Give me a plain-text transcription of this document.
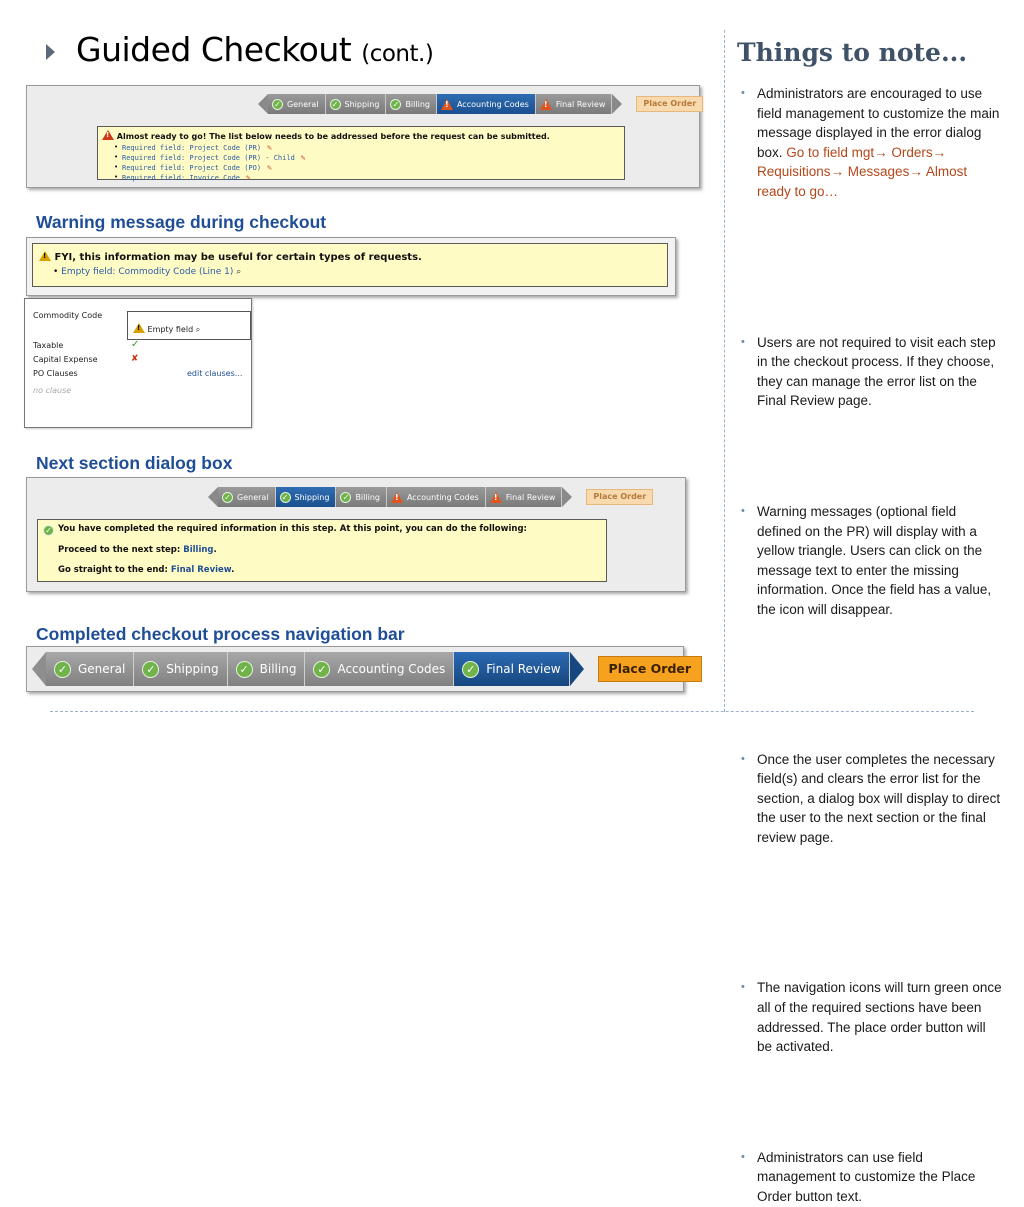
Guided Checkout (cont.)
✓ General ✓ Shipping ✓ Billing !	Accounting Codes !	Final Review	Place Order
! Almost ready to go! The list below needs to be addressed before the request can be submitted.
• Required field: Project Code (PR) ✎
• Required field: Project Code (PR) - Child ✎
• Required field: Project Code (PO) ✎
• Required field: Invoice Code ✎
Warning message during checkout
! FYI, this information may be useful for certain types of requests.
• Empty field: Commodity Code (Line 1) ⌕
Commodity Code
! Empty field ⌕
Taxable	✓
Capital Expense	✘
PO Clauses	edit clauses...
no clause
Next section dialog box
✓ General ✓ Shipping ✓ Billing !	Accounting Codes !	Final Review	Place Order
✓ You have completed the required information in this step. At this point, you can do the following:
Proceed to the next step: Billing.
Go straight to the end: Final Review.
Completed checkout process navigation bar
✓ General	✓ Shipping	✓ Billing	✓ Accounting Codes	✓ Final Review	Place Order
Things to note...
• Administrators are encouraged to use field management to customize the main message displayed in the error dialog box. Go to field mgt→ Orders→ Requisitions→ Messages→ Almost ready to go…
• Users are not required to visit each step in the checkout process. If they choose, they can manage the error list on the Final Review page.
• Warning messages (optional field defined on the PR) will display with a yellow triangle. Users can click on the message text to enter the missing information. Once the field has a value, the icon will disappear.
• Once the user completes the necessary field(s) and clears the error list for the section, a dialog box will display to direct the user to the next section or the final review page.
• The navigation icons will turn green once all of the required sections have been addressed. The place order button will be activated.
• Administrators can use field management to customize the Place Order button text.
